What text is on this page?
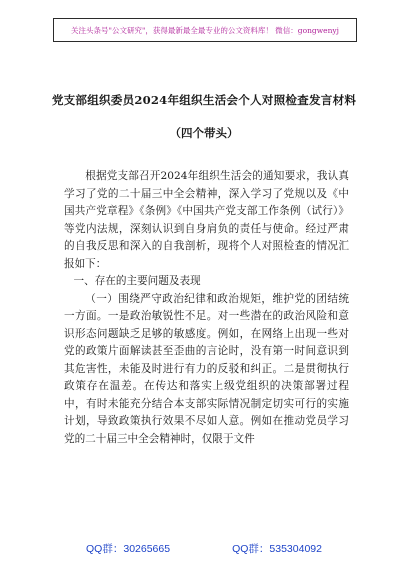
关注头条号"公文研究"，获得最新最全最专业的公文资料库！ 微信：gongwenyj
党支部组织委员2024年组织生活会个人对照检查发言材料
（四个带头）

根据党支部召开2024年组织生活会的通知要求，我认真学习了党的二十届三中全会精神，深入学习了党规以及《中国共产党章程》《条例》《中国共产党支部工作条例（试行）》等党内法规，深刻认识到自身肩负的责任与使命。经过严肃的自我反思和深入的自我剖析，现将个人对照检查的情况汇报如下：

一、存在的主要问题及表现

（一）围绕严守政治纪律和政治规矩，维护党的团结统一方面。一是政治敏锐性不足。对一些潜在的政治风险和意识形态问题缺乏足够的敏感度。例如，在网络上出现一些对党的政策片面解读甚至歪曲的言论时，没有第一时间意识到其危害性，未能及时进行有力的反驳和纠正。二是贯彻执行政策存在温差。在传达和落实上级党组织的决策部署过程中，有时未能充分结合本支部实际情况制定切实可行的实施计划，导致政策执行效果不尽如人意。例如在推动党员学习党的二十届三中全会精神时，仅限于文件

QQ群：30265665	QQ群：535304092
